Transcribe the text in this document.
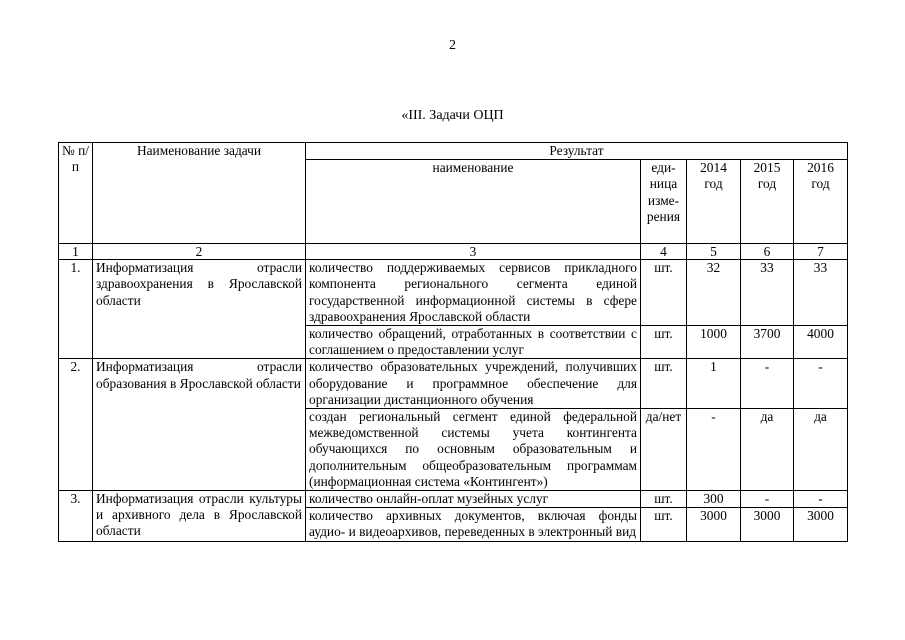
2
«III. Задачи ОЦП
№ п/п	Наименование задачи	Результат				
		наименование	еди-ница изме-рения	2014 год	2015 год	2016 год
1	2	3	4	5	6	7
1.	Информатизация отрасли здравоохранения в Ярославской области	количество поддерживаемых сервисов прикладного компонента регионального сегмента единой государственной информационной системы в сфере здравоохранения Ярославской области	шт.	32	33	33
		количество обращений, отработанных в соответствии с соглашением о предоставлении услуг	шт.	1000	3700	4000
2.	Информатизация отрасли образования в Ярославской области	количество образовательных учреждений, получивших оборудование и программное обеспечение для организации дистанционного обучения	шт.	1	-	-
		создан региональный сегмент единой федеральной межведомственной системы учета контингента обучающихся по основным образовательным и дополнительным общеобразовательным программам (информационная система «Контингент»)	да/нет	-	да	да
3.	Информатизация отрасли культуры и архивного дела в Ярославской области	количество онлайн-оплат музейных услуг	шт.	300	-	-
		количество архивных документов, включая фонды аудио- и видеоархивов, переведенных в электронный вид	шт.	3000	3000	3000
